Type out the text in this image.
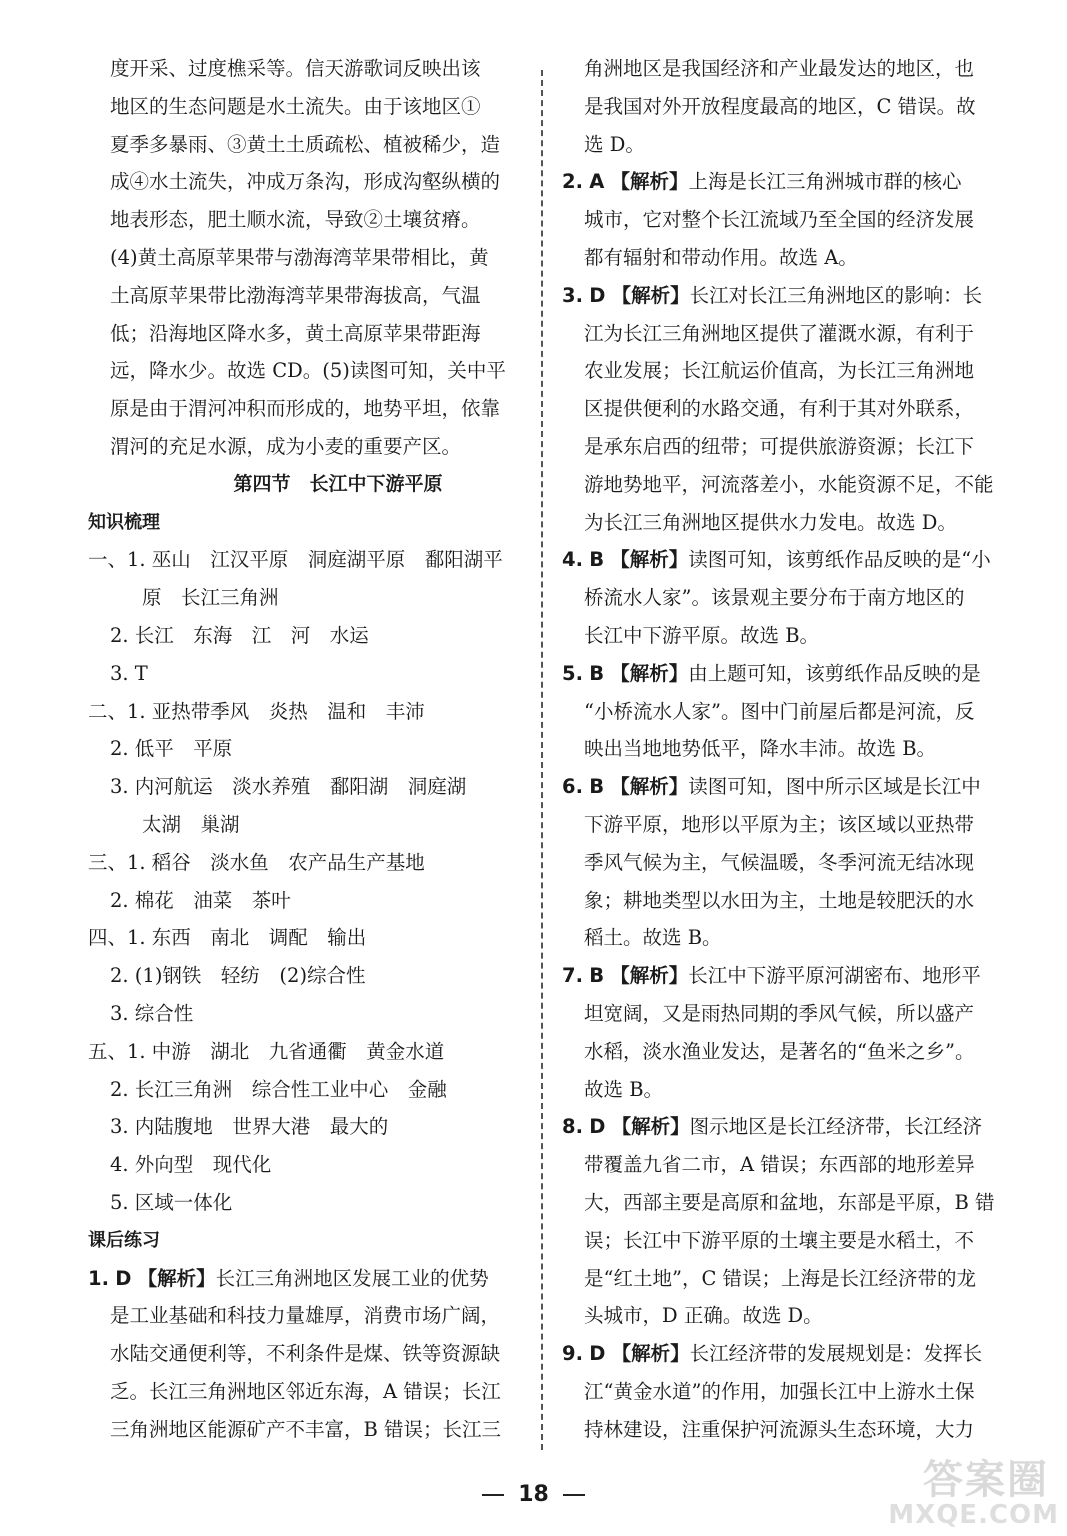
度开采、过度樵采等。信天游歌词反映出该
地区的生态问题是水土流失。由于该地区①
夏季多暴雨、③黄土土质疏松、植被稀少，造
成④水土流失，冲成万条沟，形成沟壑纵横的
地表形态，肥土顺水流，导致②土壤贫瘠。
(4)黄土高原苹果带与渤海湾苹果带相比，黄
土高原苹果带比渤海湾苹果带海拔高，气温
低；沿海地区降水多，黄土高原苹果带距海
远，降水少。故选 CD。(5)读图可知，关中平
原是由于渭河冲积而形成的，地势平坦，依靠
渭河的充足水源，成为小麦的重要产区。
第四节　长江中下游平原
知识梳理
一、1. 巫山　江汉平原　洞庭湖平原　鄱阳湖平
原　长江三角洲
2. 长江　东海　江　河　水运
3. T
二、1. 亚热带季风　炎热　温和　丰沛
2. 低平　平原
3. 内河航运　淡水养殖　鄱阳湖　洞庭湖
太湖　巢湖
三、1. 稻谷　淡水鱼　农产品生产基地
2. 棉花　油菜　茶叶
四、1. 东西　南北　调配　输出
2. (1)钢铁　轻纺　(2)综合性
3. 综合性
五、1. 中游　湖北　九省通衢　黄金水道
2. 长江三角洲　综合性工业中心　金融
3. 内陆腹地　世界大港　最大的
4. 外向型　现代化
5. 区域一体化
课后练习
1. D 【解析】长江三角洲地区发展工业的优势
是工业基础和科技力量雄厚，消费市场广阔，
水陆交通便利等，不利条件是煤、铁等资源缺
乏。长江三角洲地区邻近东海，A 错误；长江
三角洲地区能源矿产不丰富，B 错误；长江三
角洲地区是我国经济和产业最发达的地区，也
是我国对外开放程度最高的地区，C 错误。故
选 D。
2. A 【解析】上海是长江三角洲城市群的核心
城市，它对整个长江流域乃至全国的经济发展
都有辐射和带动作用。故选 A。
3. D 【解析】长江对长江三角洲地区的影响：长
江为长江三角洲地区提供了灌溉水源，有利于
农业发展；长江航运价值高，为长江三角洲地
区提供便利的水路交通，有利于其对外联系，
是承东启西的纽带；可提供旅游资源；长江下
游地势地平，河流落差小，水能资源不足，不能
为长江三角洲地区提供水力发电。故选 D。
4. B 【解析】读图可知，该剪纸作品反映的是“小
桥流水人家”。该景观主要分布于南方地区的
长江中下游平原。故选 B。
5. B 【解析】由上题可知，该剪纸作品反映的是
“小桥流水人家”。图中门前屋后都是河流，反
映出当地地势低平，降水丰沛。故选 B。
6. B 【解析】读图可知，图中所示区域是长江中
下游平原，地形以平原为主；该区域以亚热带
季风气候为主，气候温暖，冬季河流无结冰现
象；耕地类型以水田为主，土地是较肥沃的水
稻土。故选 B。
7. B 【解析】长江中下游平原河湖密布、地形平
坦宽阔，又是雨热同期的季风气候，所以盛产
水稻，淡水渔业发达，是著名的“鱼米之乡”。
故选 B。
8. D 【解析】图示地区是长江经济带，长江经济
带覆盖九省二市，A 错误；东西部的地形差异
大，西部主要是高原和盆地，东部是平原，B 错
误；长江中下游平原的土壤主要是水稻土，不
是“红土地”，C 错误；上海是长江经济带的龙
头城市，D 正确。故选 D。
9. D 【解析】长江经济带的发展规划是：发挥长
江“黄金水道”的作用，加强长江中上游水土保
持林建设，注重保护河流源头生态环境，大力
18	答案圈
MXQE.COM
